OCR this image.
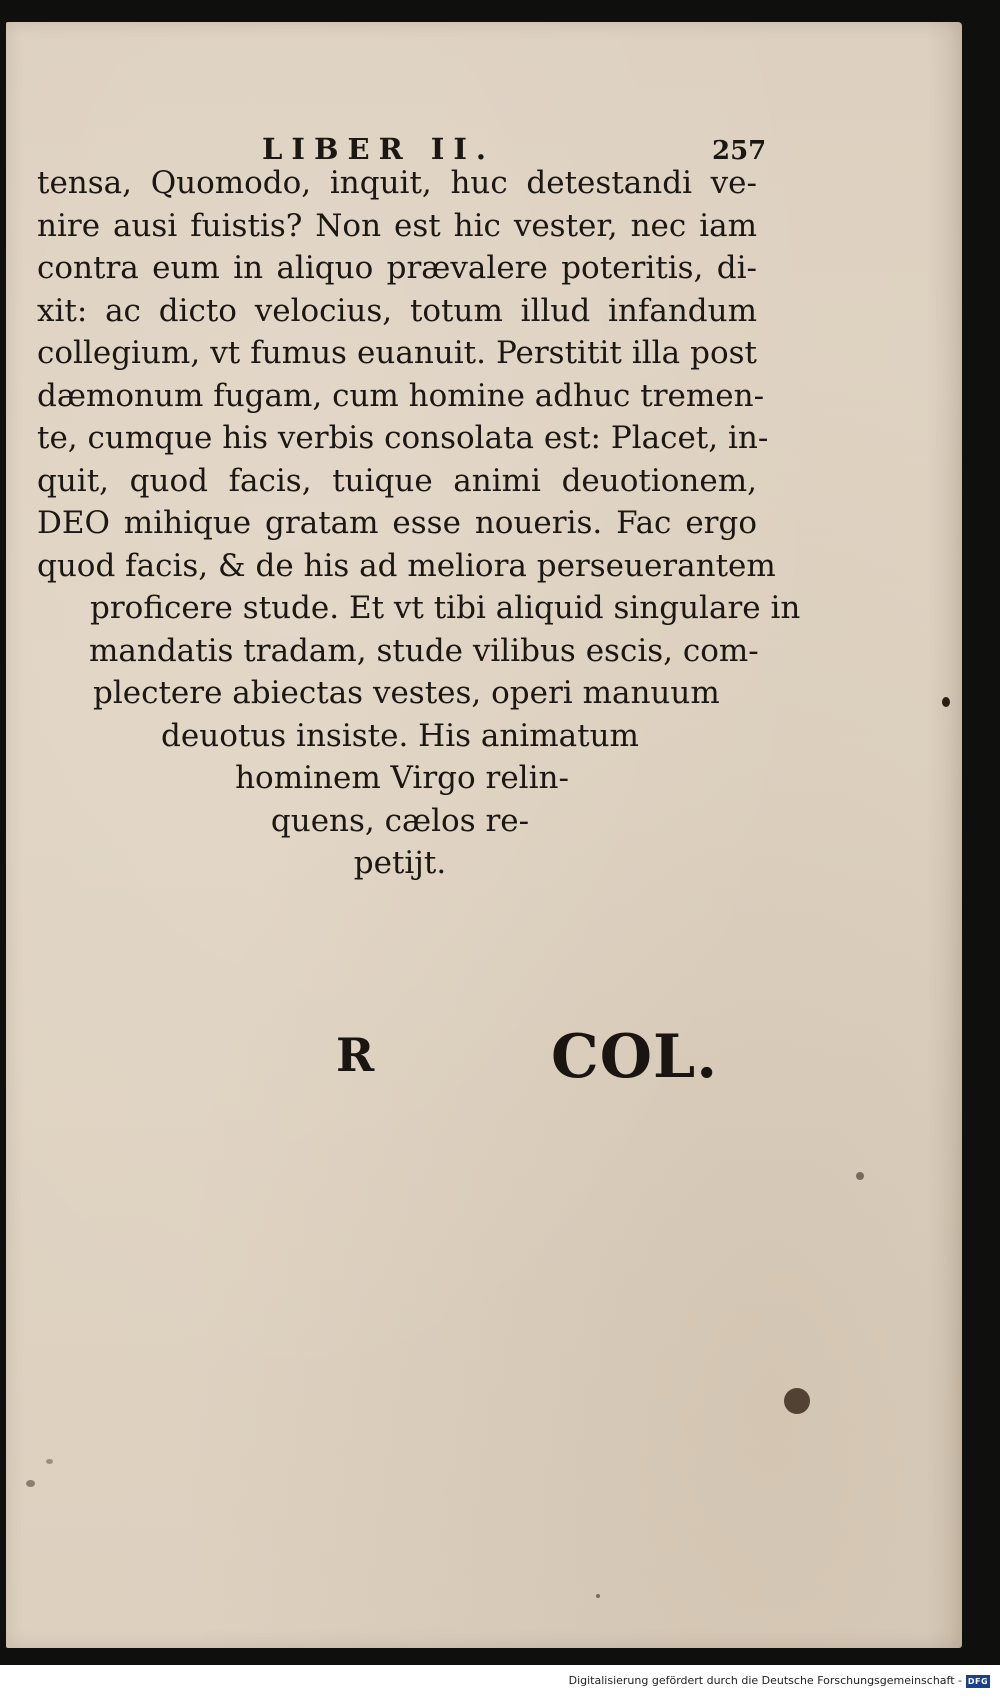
LIBER II.	257
tensa, Quomodo, inquit, huc detestandi ve-
nire ausi fuistis? Non est hic vester, nec iam
contra eum in aliquo prævalere poteritis, di-
xit: ac dicto velocius, totum illud infandum
collegium, vt fumus euanuit. Perstitit illa post
dæmonum fugam, cum homine adhuc tremen-
te, cumque his verbis consolata est: Placet, in-
quit, quod facis, tuique animi deuotionem,
DEO mihique gratam esse noueris. Fac ergo
quod facis, & de his ad meliora perseuerantem
proficere stude. Et vt tibi aliquid singulare in
mandatis tradam, stude vilibus escis, com-
plectere abiectas vestes, operi manuum
deuotus insiste. His animatum
hominem Virgo relin-
quens, cælos re-
petijt.
R	COL.
Digitalisierung gefördert durch die Deutsche Forschungsgemeinschaft - DFG
